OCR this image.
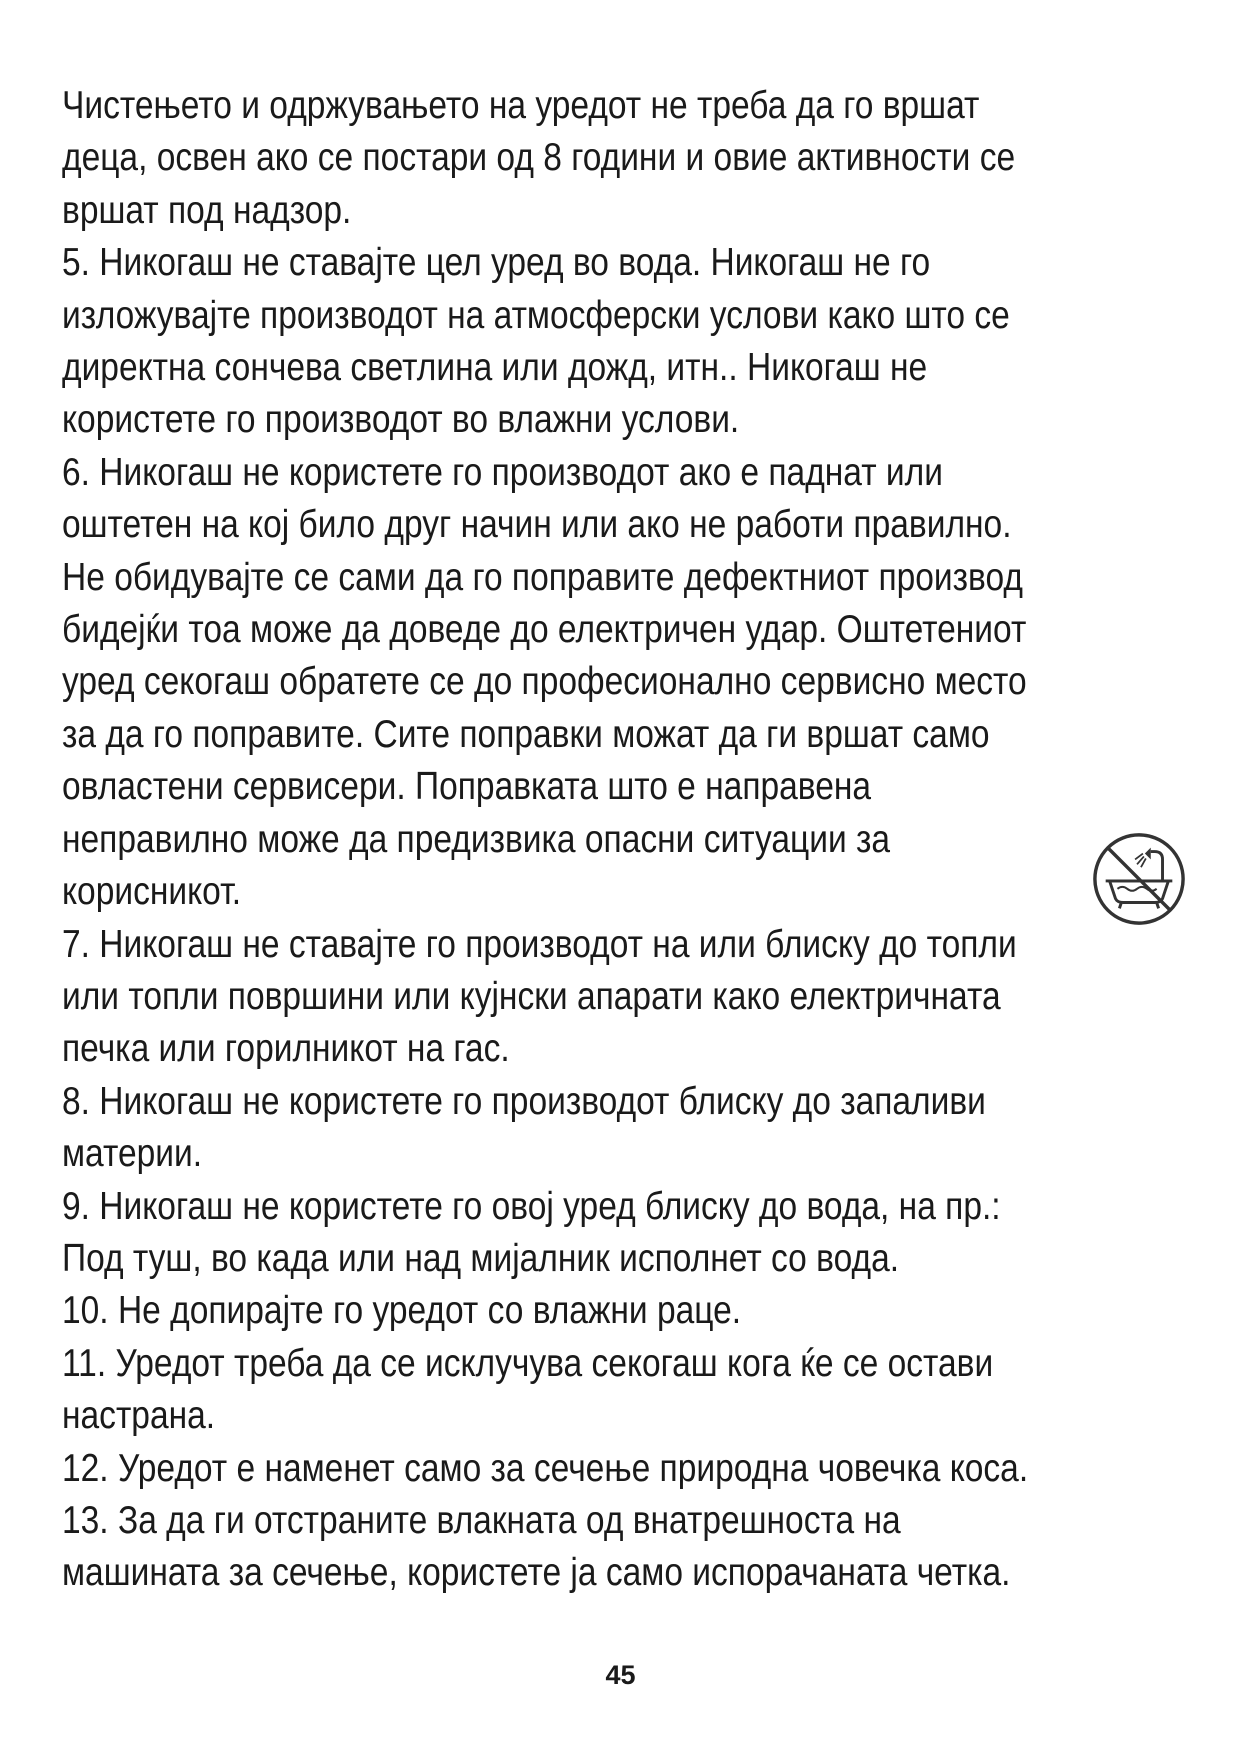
Чистењето и одржувањето на уредот не треба да го вршат
деца, освен ако се постари од 8 години и овие активности се
вршат под надзор.

5. Никогаш не ставајте цел уред во вода. Никогаш не го
изложувајте производот на атмосферски услови како што се
директна сончева светлина или дожд, итн.. Никогаш не
користете го производот во влажни услови.

6. Никогаш не користете го производот ако е паднат или
оштетен на кој било друг начин или ако не работи правилно.
Не обидувајте се сами да го поправите дефектниот производ
бидејќи тоа може да доведе до електричен удар. Оштетениот
уред секогаш обратете се до професионално сервисно место
за да го поправите. Сите поправки можат да ги вршат само
овластени сервисери. Поправката што е направена
неправилно може да предизвика опасни ситуации за
корисникот.

7. Никогаш не ставајте го производот на или блиску до топли
или топли површини или кујнски апарати како електричната
печка или горилникот на гас.

8. Никогаш не користете го производот блиску до запаливи
материи.

9. Никогаш не користете го овој уред блиску до вода, на пр.:
Под туш, во када или над мијалник исполнет со вода.

10. Не допирајте го уредот со влажни раце.

11. Уредот треба да се исклучува секогаш кога ќе се остави
настрана.

12. Уредот е наменет само за сечење природна човечка коса.

13. За да ги отстраните влакната од внатрешноста на
машината за сечење, користете ја само испорачаната четка.

45
